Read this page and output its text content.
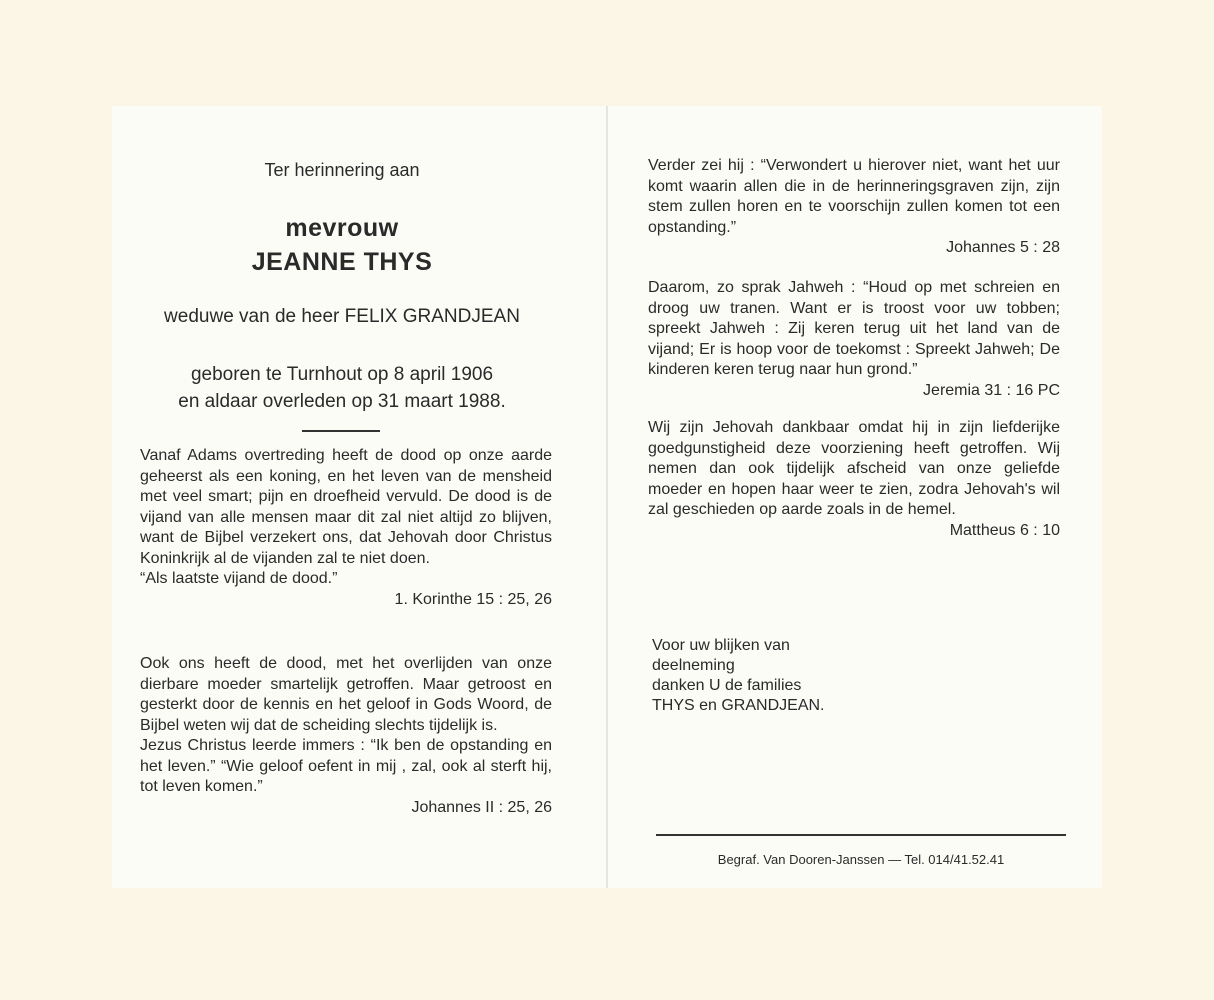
Ter herinnering aan
mevrouw
JEANNE THYS
weduwe van de heer FELIX GRANDJEAN
geboren te Turnhout op 8 april 1906
en aldaar overleden op 31 maart 1988.

Vanaf Adams overtreding heeft de dood op onze aarde geheerst als een koning, en het leven van de mensheid met veel smart; pijn en droefheid vervuld. De dood is de vijand van alle mensen maar dit zal niet altijd zo blijven, want de Bijbel verzekert ons, dat Jehovah door Christus Koninkrijk al de vijanden zal te niet doen.

“Als laatste vijand de dood.”

1. Korinthe 15 : 25, 26

Ook ons heeft de dood, met het overlijden van onze dierbare moeder smartelijk getroffen. Maar getroost en gesterkt door de kennis en het geloof in Gods Woord, de Bijbel weten wij dat de scheiding slechts tijdelijk is.

Jezus Christus leerde immers : “Ik ben de opstanding en het leven.” “Wie geloof oefent in mij , zal, ook al sterft hij, tot leven komen.”

Johannes II : 25, 26

Verder zei hij : “Verwondert u hierover niet, want het uur komt waarin allen die in de herinneringsgraven zijn, zijn stem zullen horen en te voorschijn zullen komen tot een opstanding.”

Johannes 5 : 28

Daarom, zo sprak Jahweh : “Houd op met schreien en droog uw tranen. Want er is troost voor uw tobben; spreekt Jahweh : Zij keren terug uit het land van de vijand; Er is hoop voor de toekomst : Spreekt Jahweh; De kinderen keren terug naar hun grond.”

Jeremia 31 : 16 PC

Wij zijn Jehovah dankbaar omdat hij in zijn liefderijke goedgunstigheid deze voorziening heeft getroffen. Wij nemen dan ook tijdelijk afscheid van onze geliefde moeder en hopen haar weer te zien, zodra Jehovah's wil zal geschieden op aarde zoals in de hemel.

Mattheus 6 : 10

Voor uw blijken van

deelneming

danken U de families

THYS en GRANDJEAN.

Begraf. Van Dooren-Janssen — Tel. 014/41.52.41
